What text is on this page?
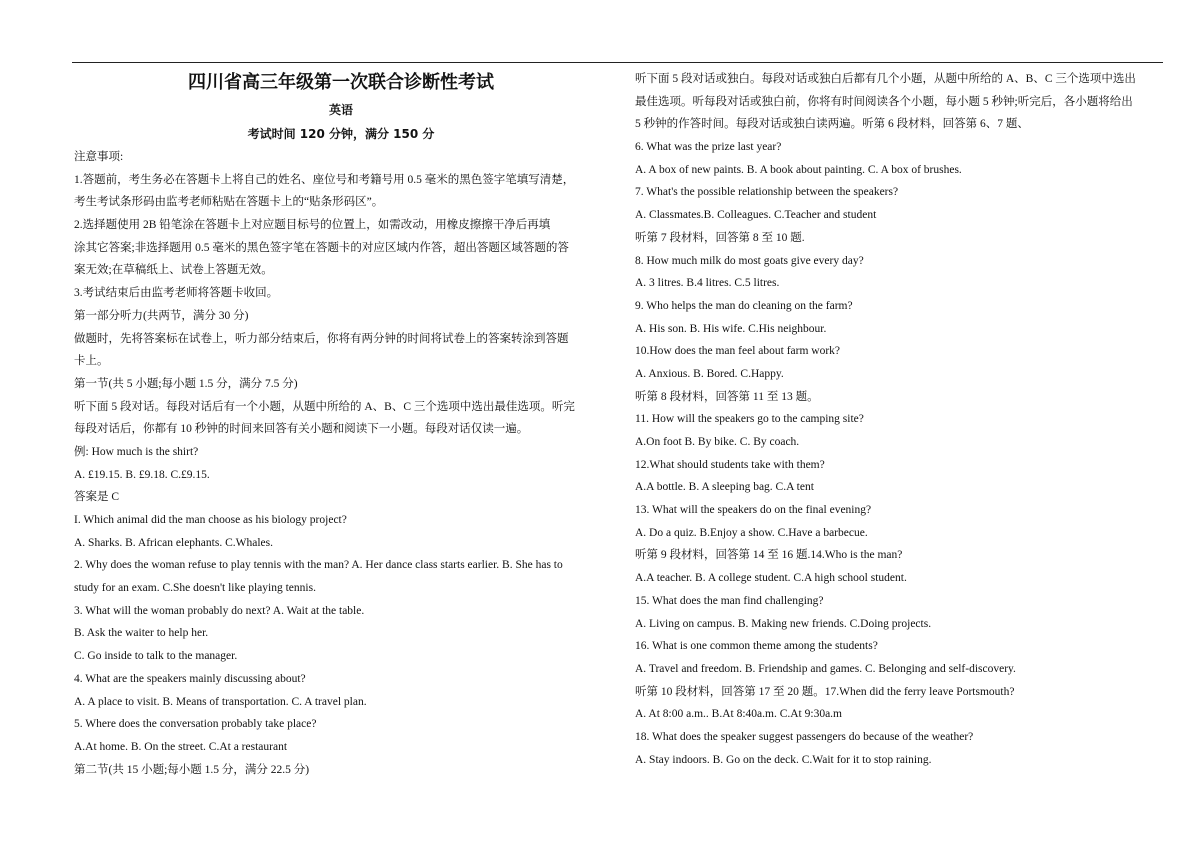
四川省高三年级第一次联合诊断性考试
英语
考试时间 120 分钟，满分 150 分
注意事项:
1.答题前，考生务必在答题卡上将自己的姓名、座位号和考籍号用 0.5 毫米的黑色签字笔填写清楚，
考生考试条形码由监考老师粘贴在答题卡上的“贴条形码区”。
2.选择题使用 2B 铅笔涂在答题卡上对应题目标号的位置上，如需改动，用橡皮擦擦干净后再填
涂其它答案;非选择题用 0.5 毫米的黑色签字笔在答题卡的对应区域内作答，超出答题区域答题的答
案无效;在草稿纸上、试卷上答题无效。
3.考试结束后由监考老师将答题卡收回。
第一部分听力(共两节，满分 30 分)
做题时，先将答案标在试卷上，听力部分结束后，你将有两分钟的时间将试卷上的答案转涂到答题
卡上。
第一节(共 5 小题;每小题 1.5 分，满分 7.5 分)
听下面 5 段对话。每段对话后有一个小题，从题中所给的 A、B、C 三个选项中选出最佳选项。听完
每段对话后，你都有 10 秒钟的时间来回答有关小题和阅读下一小题。每段对话仅读一遍。
例: How much is the shirt?
A. £19.15. B. £9.18. C.£9.15.
答案是 C
I. Which animal did the man choose as his biology project?
A. Sharks. B. African elephants. C.Whales.
2. Why does the woman refuse to play tennis with the man? A. Her dance class starts earlier. B. She has to
study for an exam. C.She doesn't like playing tennis.
3. What will the woman probably do next? A. Wait at the table.
B. Ask the waiter to help her.
C. Go inside to talk to the manager.
4. What are the speakers mainly discussing about?
A. A place to visit. B. Means of transportation. C. A travel plan.
5. Where does the conversation probably take place?
A.At home. B. On the street. C.At a restaurant
第二节(共 15 小题;每小题 1.5 分，满分 22.5 分)
听下面 5 段对话或独白。每段对话或独白后都有几个小题，从题中所给的 A、B、C 三个选项中选出
最佳选项。听每段对话或独白前，你将有时间阅读各个小题，每小题 5 秒钟;听完后，各小题将给出
5 秒钟的作答时间。每段对话或独白读两遍。听第 6 段材料，回答第 6、7 题、
6. What was the prize last year?
A. A box of new paints. B. A book about painting. C. A box of brushes.
7. What's the possible relationship between the speakers?
A. Classmates.B. Colleagues. C.Teacher and student
听第 7 段材料，回答第 8 至 10 题.
8. How much milk do most goats give every day?
A. 3 litres. B.4 litres. C.5 litres.
9. Who helps the man do cleaning on the farm?
A. His son. B. His wife. C.His neighbour.
10.How does the man feel about farm work?
A. Anxious. B. Bored. C.Happy.
听第 8 段材料，回答第 11 至 13 题。
11. How will the speakers go to the camping site?
A.On foot B. By bike. C. By coach.
12.What should students take with them?
A.A bottle. B. A sleeping bag. C.A tent
13. What will the speakers do on the final evening?
A. Do a quiz. B.Enjoy a show. C.Have a barbecue.
听第 9 段材料，回答第 14 至 16 题.14.Who is the man?
A.A teacher. B. A college student. C.A high school student.
15. What does the man find challenging?
A. Living on campus. B. Making new friends. C.Doing projects.
16. What is one common theme among the students?
A. Travel and freedom. B. Friendship and games. C. Belonging and self-discovery.
听第 10 段材料，回答第 17 至 20 题。17.When did the ferry leave Portsmouth?
A. At 8:00 a.m.. B.At 8:40a.m. C.At 9:30a.m
18. What does the speaker suggest passengers do because of the weather?
A. Stay indoors. B. Go on the deck. C.Wait for it to stop raining.
